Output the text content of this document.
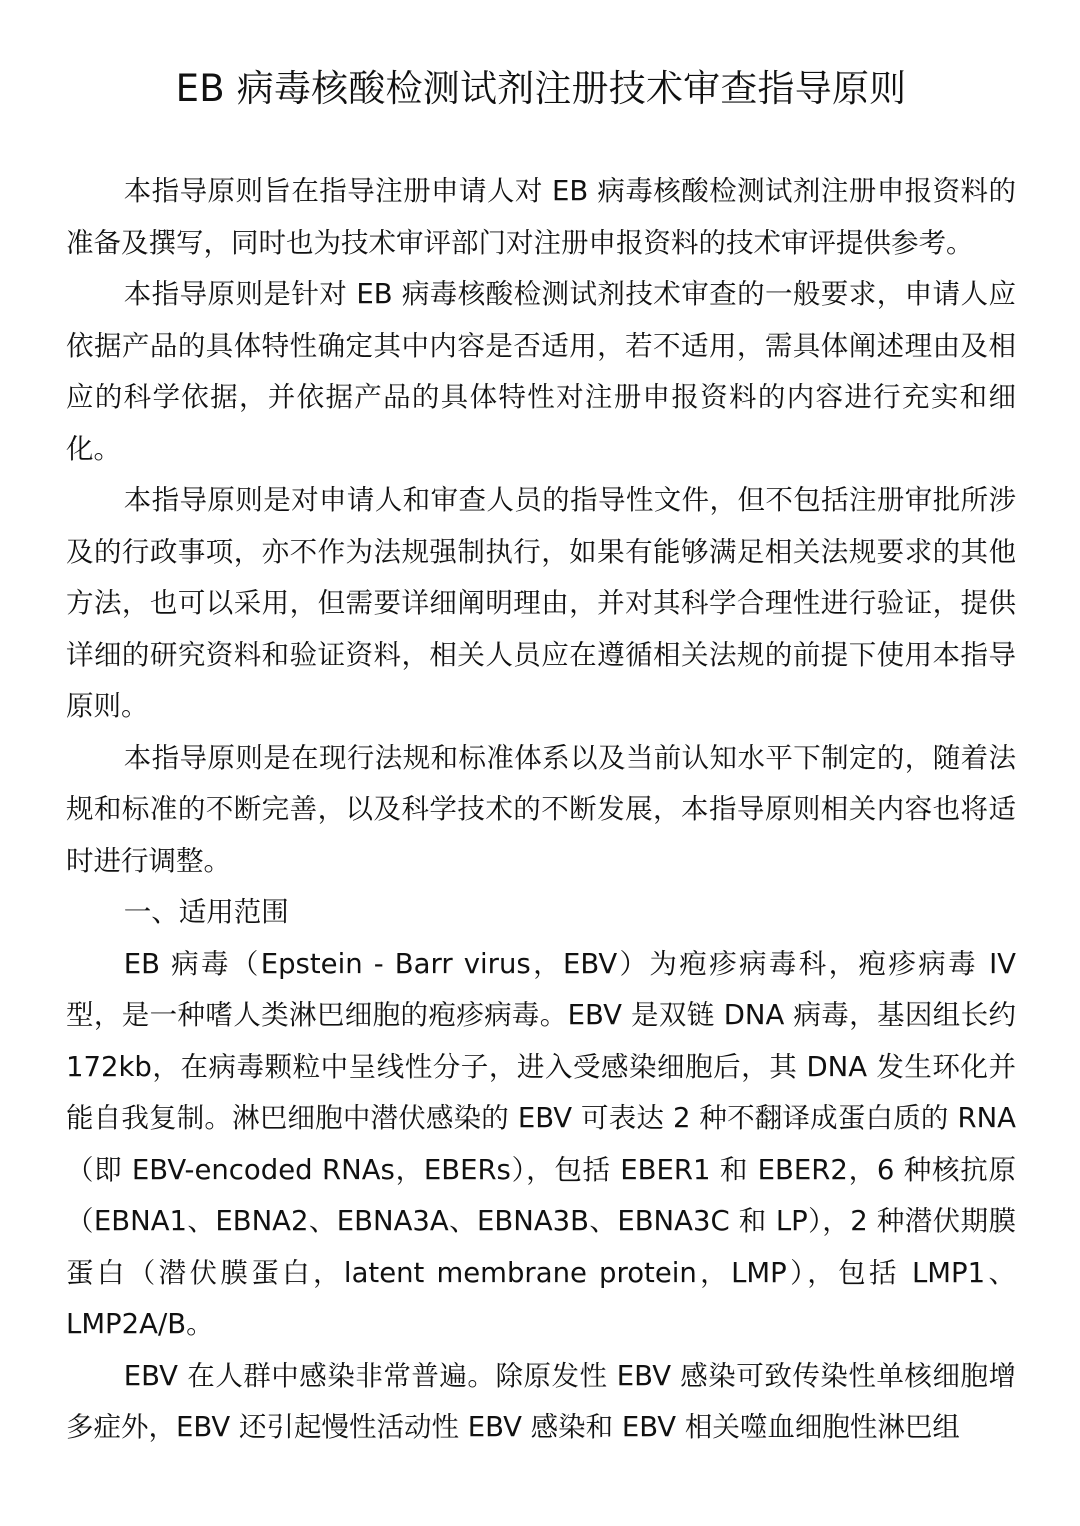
EB 病毒核酸检测试剂注册技术审查指导原则

本指导原则旨在指导注册申请人对 EB 病毒核酸检测试剂注册申报资料的准备及撰写，同时也为技术审评部门对注册申报资料的技术审评提供参考。

本指导原则是针对 EB 病毒核酸检测试剂技术审查的一般要求，申请人应依据产品的具体特性确定其中内容是否适用，若不适用，需具体阐述理由及相应的科学依据，并依据产品的具体特性对注册申报资料的内容进行充实和细化。

本指导原则是对申请人和审查人员的指导性文件，但不包括注册审批所涉及的行政事项，亦不作为法规强制执行，如果有能够满足相关法规要求的其他方法，也可以采用，但需要详细阐明理由，并对其科学合理性进行验证，提供详细的研究资料和验证资料，相关人员应在遵循相关法规的前提下使用本指导原则。

本指导原则是在现行法规和标准体系以及当前认知水平下制定的，随着法规和标准的不断完善，以及科学技术的不断发展，本指导原则相关内容也将适时进行调整。

一、适用范围

EB 病毒（Epstein - Barr virus，EBV）为疱疹病毒科，疱疹病毒 IV 型，是一种嗜人类淋巴细胞的疱疹病毒。EBV 是双链 DNA 病毒，基因组长约 172kb，在病毒颗粒中呈线性分子，进入受感染细胞后，其 DNA 发生环化并能自我复制。淋巴细胞中潜伏感染的 EBV 可表达 2 种不翻译成蛋白质的 RNA（即 EBV-encoded RNAs，EBERs），包括 EBER1 和 EBER2，6 种核抗原（EBNA1、EBNA2、EBNA3A、EBNA3B、EBNA3C 和 LP），2 种潜伏期膜蛋白（潜伏膜蛋白，latent membrane protein，LMP），包括 LMP1、LMP2A/B。

EBV 在人群中感染非常普遍。除原发性 EBV 感染可致传染性单核细胞增多症外，EBV 还引起慢性活动性 EBV 感染和 EBV 相关噬血细胞性淋巴组
